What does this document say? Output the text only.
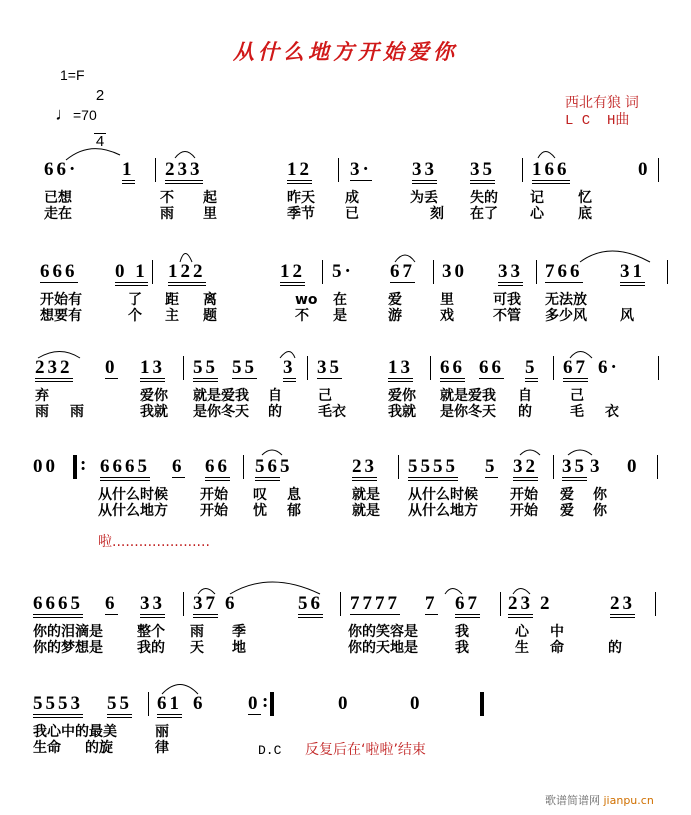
从什么地方开始爱你
1=F

$\frac{2}{4}$

♩=70
西北有狼 词
L C  H曲
66· 1 233	12 3· 33 35 166	0
已想	不 起	昨天 成	为丢 失的 记 忆
走在	雨 里	季节 已	刻 在了 心 底
666 0 1 122	12 5· 67 30 33 766 31
开始有	了 距 离	wo 在	爱	里	可我 无法放
想要有	个 主 题	不 是	游	戏	不管 多少风 风
232 0 13 55 55 3 35 13 66 66 5 67 6·
弃	爱你 就是爱我 自	己	爱你 就是爱我 自	己
雨 雨	我就 是你冬天 的	毛衣	我就 是你冬天 的	毛 衣
00 6665 6 66 56 5	23 5555 5 32 35 3 0
从什么时候 开始 叹 息	就是 从什么时候 开始 爱 你
从什么地方 开始 忧 郁	就是 从什么地方 开始 爱 你
6665 6 33 37 6	56 7777 7 67 23 2	23
你的泪滴是 整个 雨 季	你的笑容是	我	心 中
你的梦想是 我的 天 地	你的天地是	我	生 命	的
5553 55 61 6 0	0	0
我心中的最美	丽
生命 的旋	律
:
:
啦......................
D.C 反复后在‘啦啦’结束
歌谱简谱网 jianpu.cn
